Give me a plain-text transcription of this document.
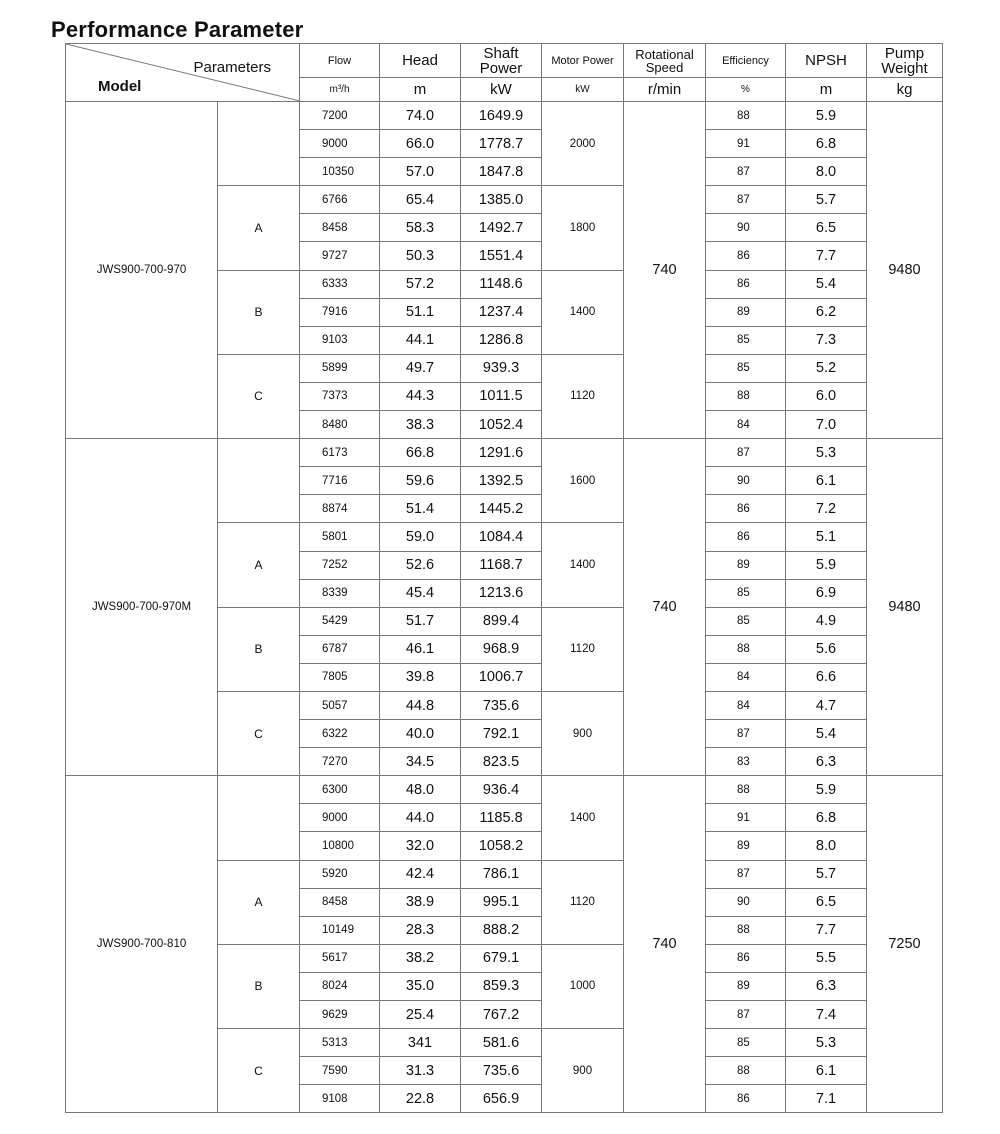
Performance Parameter
Parameters
Model		Flow	Head	Shaft Power	Motor Power	Rotational Speed	Efficiency	NPSH	Pump Weight
		m³/h	m	kW	kW	r/min	%	m	kg
JWS900-700-970		7200	74.0	1649.9	2000	740	88	5.9	9480
		9000	66.0	1778.7			91	6.8	
		10350	57.0	1847.8			87	8.0	
	A	6766	65.4	1385.0	1800		87	5.7	
		8458	58.3	1492.7			90	6.5	
		9727	50.3	1551.4			86	7.7	
	B	6333	57.2	1148.6	1400		86	5.4	
		7916	51.1	1237.4			89	6.2	
		9103	44.1	1286.8			85	7.3	
	C	5899	49.7	939.3	1120		85	5.2	
		7373	44.3	1011.5			88	6.0	
		8480	38.3	1052.4			84	7.0	
JWS900-700-970M		6173	66.8	1291.6	1600	740	87	5.3	9480
		7716	59.6	1392.5			90	6.1	
		8874	51.4	1445.2			86	7.2	
	A	5801	59.0	1084.4	1400		86	5.1	
		7252	52.6	1168.7			89	5.9	
		8339	45.4	1213.6			85	6.9	
	B	5429	51.7	899.4	1120		85	4.9	
		6787	46.1	968.9			88	5.6	
		7805	39.8	1006.7			84	6.6	
	C	5057	44.8	735.6	900		84	4.7	
		6322	40.0	792.1			87	5.4	
		7270	34.5	823.5			83	6.3	
JWS900-700-810		6300	48.0	936.4	1400	740	88	5.9	7250
		9000	44.0	1185.8			91	6.8	
		10800	32.0	1058.2			89	8.0	
	A	5920	42.4	786.1	1120		87	5.7	
		8458	38.9	995.1			90	6.5	
		10149	28.3	888.2			88	7.7	
	B	5617	38.2	679.1	1000		86	5.5	
		8024	35.0	859.3			89	6.3	
		9629	25.4	767.2			87	7.4	
	C	5313	341	581.6	900		85	5.3	
		7590	31.3	735.6			88	6.1	
		9108	22.8	656.9			86	7.1	
